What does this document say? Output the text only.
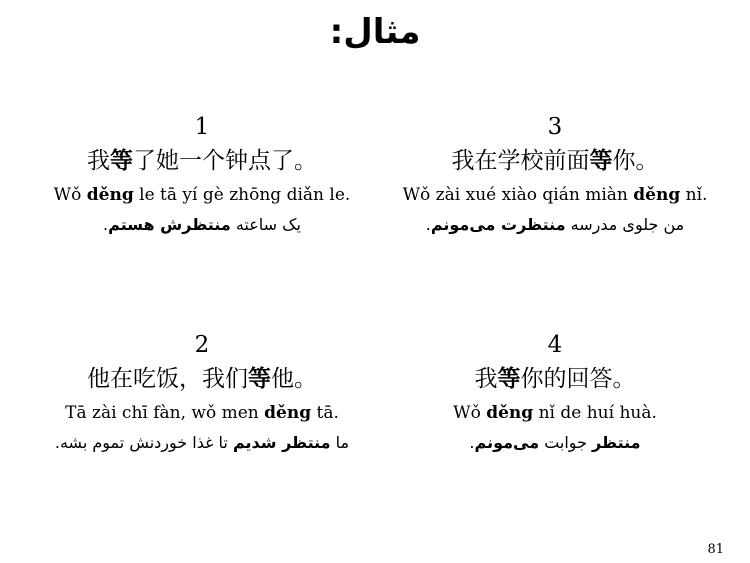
مثال:
1
我等了她一个钟点了。
Wǒ děng le tā yí gè zhōng diǎn le.
یک ساعته منتظرش هستم.
3
我在学校前面等你。
Wǒ zài xué xiào qián miàn děng nǐ.
من جلوی مدرسه منتظرت می‌مونم.
2
他在吃饭，我们等他。
Tā zài chī fàn, wǒ men děng tā.
ما منتظر شدیم تا غذا خوردنش تموم بشه.
4
我等你的回答。
Wǒ děng nǐ de huí huà.
منتظر جوابت می‌مونم.
81
